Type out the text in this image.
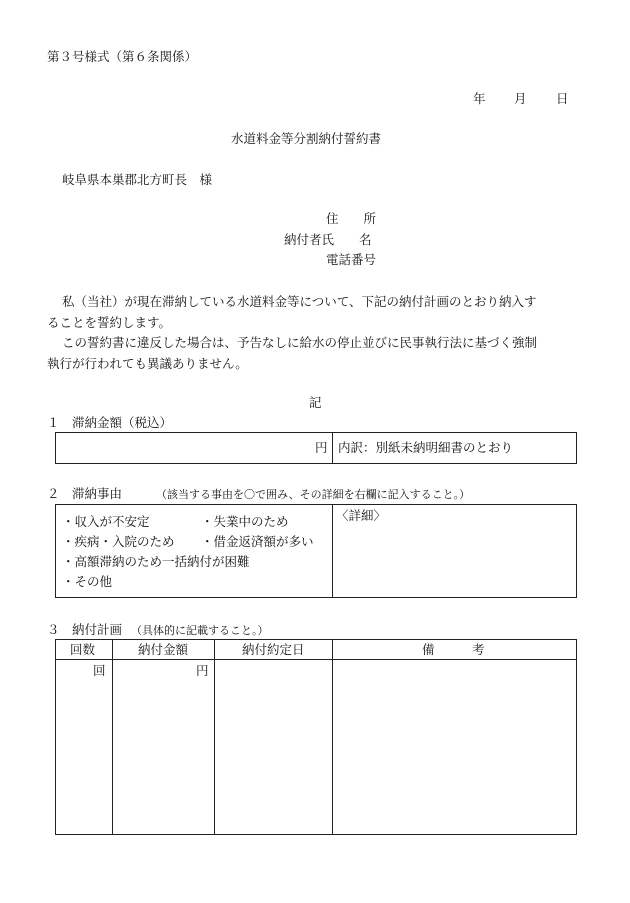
第３号様式（第６条関係）
年 月 日
水道料金等分割納付誓約書
岐阜県本巣郡北方町長　様
住　　所
納付者氏　　名
電話番号
私（当社）が現在滞納している水道料金等について、下記の納付計画のとおり納入す
ることを誓約します。
この誓約書に違反した場合は、予告なしに給水の停止並びに民事執行法に基づく強制
執行が行われても異議ありません。
記
１　滞納金額（税込）
円 内訳：別紙未納明細書のとおり
２　滞納事由	（該当する事由を〇で囲み、その詳細を右欄に記入すること。）
・収入が不安定	・失業中のため
・疾病・入院のため ・借金返済額が多い
・高額滞納のため一括納付が困難
・その他
〈詳細〉
３　納付計画 （具体的に記載すること。）
回数	納付金額	納付約定日	備　　　考
回	円
